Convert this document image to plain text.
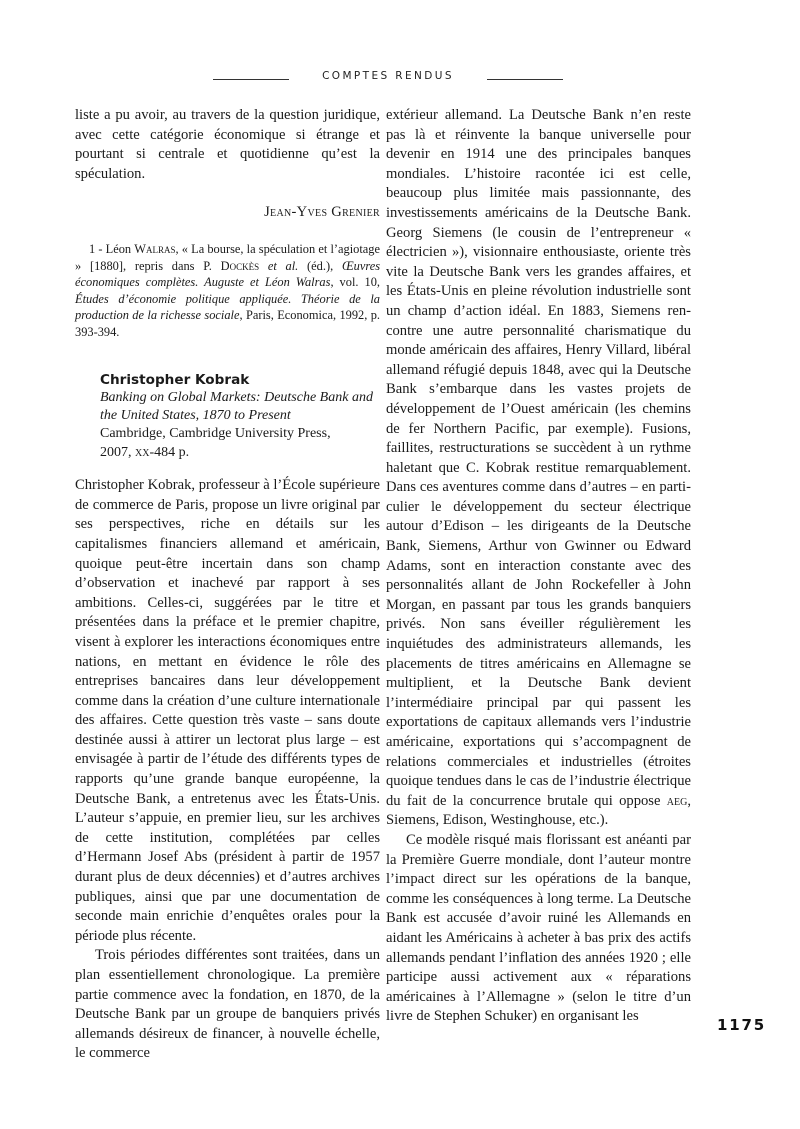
COMPTES RENDUS

liste a pu avoir, au travers de la question juridique, avec cette catégorie économique si étrange et pourtant si centrale et quotidienne qu’est la spéculation.

Jean-Yves Grenier

1 - Léon Walras, « La bourse, la spéculation et l’agiotage » [1880], repris dans P. Dockès et al. (éd.), Œuvres économiques complètes. Auguste et Léon Walras, vol. 10, Études d’économie politique appliquée. Théorie de la production de la richesse sociale, Paris, Economica, 1992, p. 393-394.

Christopher Kobrak
Banking on Global Markets: Deutsche Bank and the United States, 1870 to Present
Cambridge, Cambridge University Press,
2007, xx-484 p.

Christopher Kobrak, professeur à l’École supérieure de commerce de Paris, propose un livre original par ses perspectives, riche en détails sur les capitalismes financiers allemand et américain, quoique peut-être incertain dans son champ d’observation et inachevé par rapport à ses ambitions. Celles-ci, suggérées par le titre et présentées dans la préface et le premier chapitre, visent à explorer les interactions économiques entre nations, en mettant en évidence le rôle des entreprises bancaires dans leur développement comme dans la création d’une culture internationale des affaires. Cette question très vaste – sans doute destinée aussi à attirer un lectorat plus large – est envisagée à partir de l’étude des différents types de rapports qu’une grande banque européenne, la Deutsche Bank, a entretenus avec les États-Unis. L’auteur s’appuie, en premier lieu, sur les archives de cette institution, complétées par celles d’Hermann Josef Abs (président à partir de 1957 durant plus de deux décennies) et d’autres archives publiques, ainsi que par une documentation de seconde main enrichie d’enquêtes orales pour la période plus récente.

Trois périodes différentes sont traitées, dans un plan essentiellement chronologique. La première partie commence avec la fondation, en 1870, de la Deutsche Bank par un groupe de banquiers privés allemands désireux de financer, à nouvelle échelle, le commerce

extérieur allemand. La Deutsche Bank n’en reste pas là et réinvente la banque universelle pour devenir en 1914 une des principales banques mondiales. L’histoire racontée ici est celle, beaucoup plus limitée mais passionnante, des investissements américains de la Deutsche Bank. Georg Siemens (le cousin de l’entrepreneur « électricien »), visionnaire enthousiaste, oriente très vite la Deutsche Bank vers les grandes affaires, et les États-Unis en pleine révolution industrielle sont un champ d’action idéal. En 1883, Siemens rencontre une autre personnalité charismatique du monde américain des affaires, Henry Villard, libéral allemand réfugié depuis 1848, avec qui la Deutsche Bank s’embarque dans les vastes projets de développement de l’Ouest américain (les chemins de fer Northern Pacific, par exemple). Fusions, faillites, restructurations se succèdent à un rythme haletant que C. Kobrak restitue remarquablement. Dans ces aventures comme dans d’autres – en particulier le développement du secteur électrique autour d’Edison – les dirigeants de la Deutsche Bank, Siemens, Arthur von Gwinner ou Edward Adams, sont en interaction constante avec des personnalités allant de John Rockefeller à John Morgan, en passant par tous les grands banquiers privés. Non sans éveiller régulièrement les inquiétudes des administrateurs allemands, les placements de titres américains en Allemagne se multiplient, et la Deutsche Bank devient l’intermédiaire principal par qui passent les exportations de capitaux allemands vers l’industrie américaine, exportations qui s’accompagnent de relations commerciales et industrielles (étroites quoique tendues dans le cas de l’industrie électrique du fait de la concurrence brutale qui oppose aeg, Siemens, Edison, Westinghouse, etc.).

Ce modèle risqué mais florissant est anéanti par la Première Guerre mondiale, dont l’auteur montre l’impact direct sur les opérations de la banque, comme les conséquences à long terme. La Deutsche Bank est accusée d’avoir ruiné les Allemands en aidant les Américains à acheter à bas prix des actifs allemands pendant l’inflation des années 1920 ; elle participe aussi activement aux « réparations américaines à l’Allemagne » (selon le titre d’un livre de Stephen Schuker) en organisant les	1175
